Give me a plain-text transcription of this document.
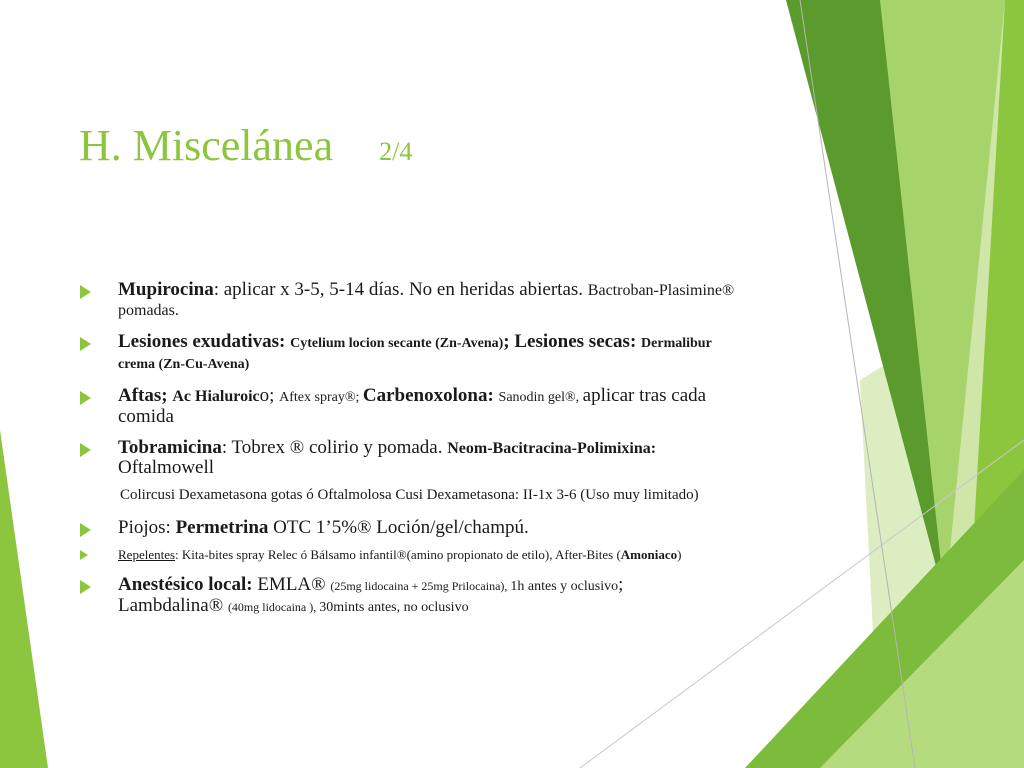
H. Miscelánea 2/4

Mupirocina: aplicar x 3-5, 5-14 días. No en heridas abiertas. Bactroban-Plasimine® pomadas.

Lesiones exudativas: Cytelium locion secante (Zn-Avena); Lesiones secas: Dermalibur crema (Zn-Cu-Avena)

Aftas; Ac Hialuroico; Aftex spray®; Carbenoxolona: Sanodin gel®, aplicar tras cada comida

Tobramicina: Tobrex ® colirio y pomada. Neom-Bacitracina-Polimixina: Oftalmowell

Colircusi Dexametasona gotas ó Oftalmolosa Cusi Dexametasona: II-1x 3-6 (Uso muy limitado)

Piojos: Permetrina OTC 1’5%® Loción/gel/champú.

Repelentes: Kita-bites spray Relec ó Bálsamo infantil®(amino propionato de etilo), After-Bites (Amoniaco)

Anestésico local: EMLA® (25mg lidocaina + 25mg Prilocaina), 1h antes y oclusivo;
Lambdalina® (40mg lidocaina ), 30mints antes, no oclusivo
